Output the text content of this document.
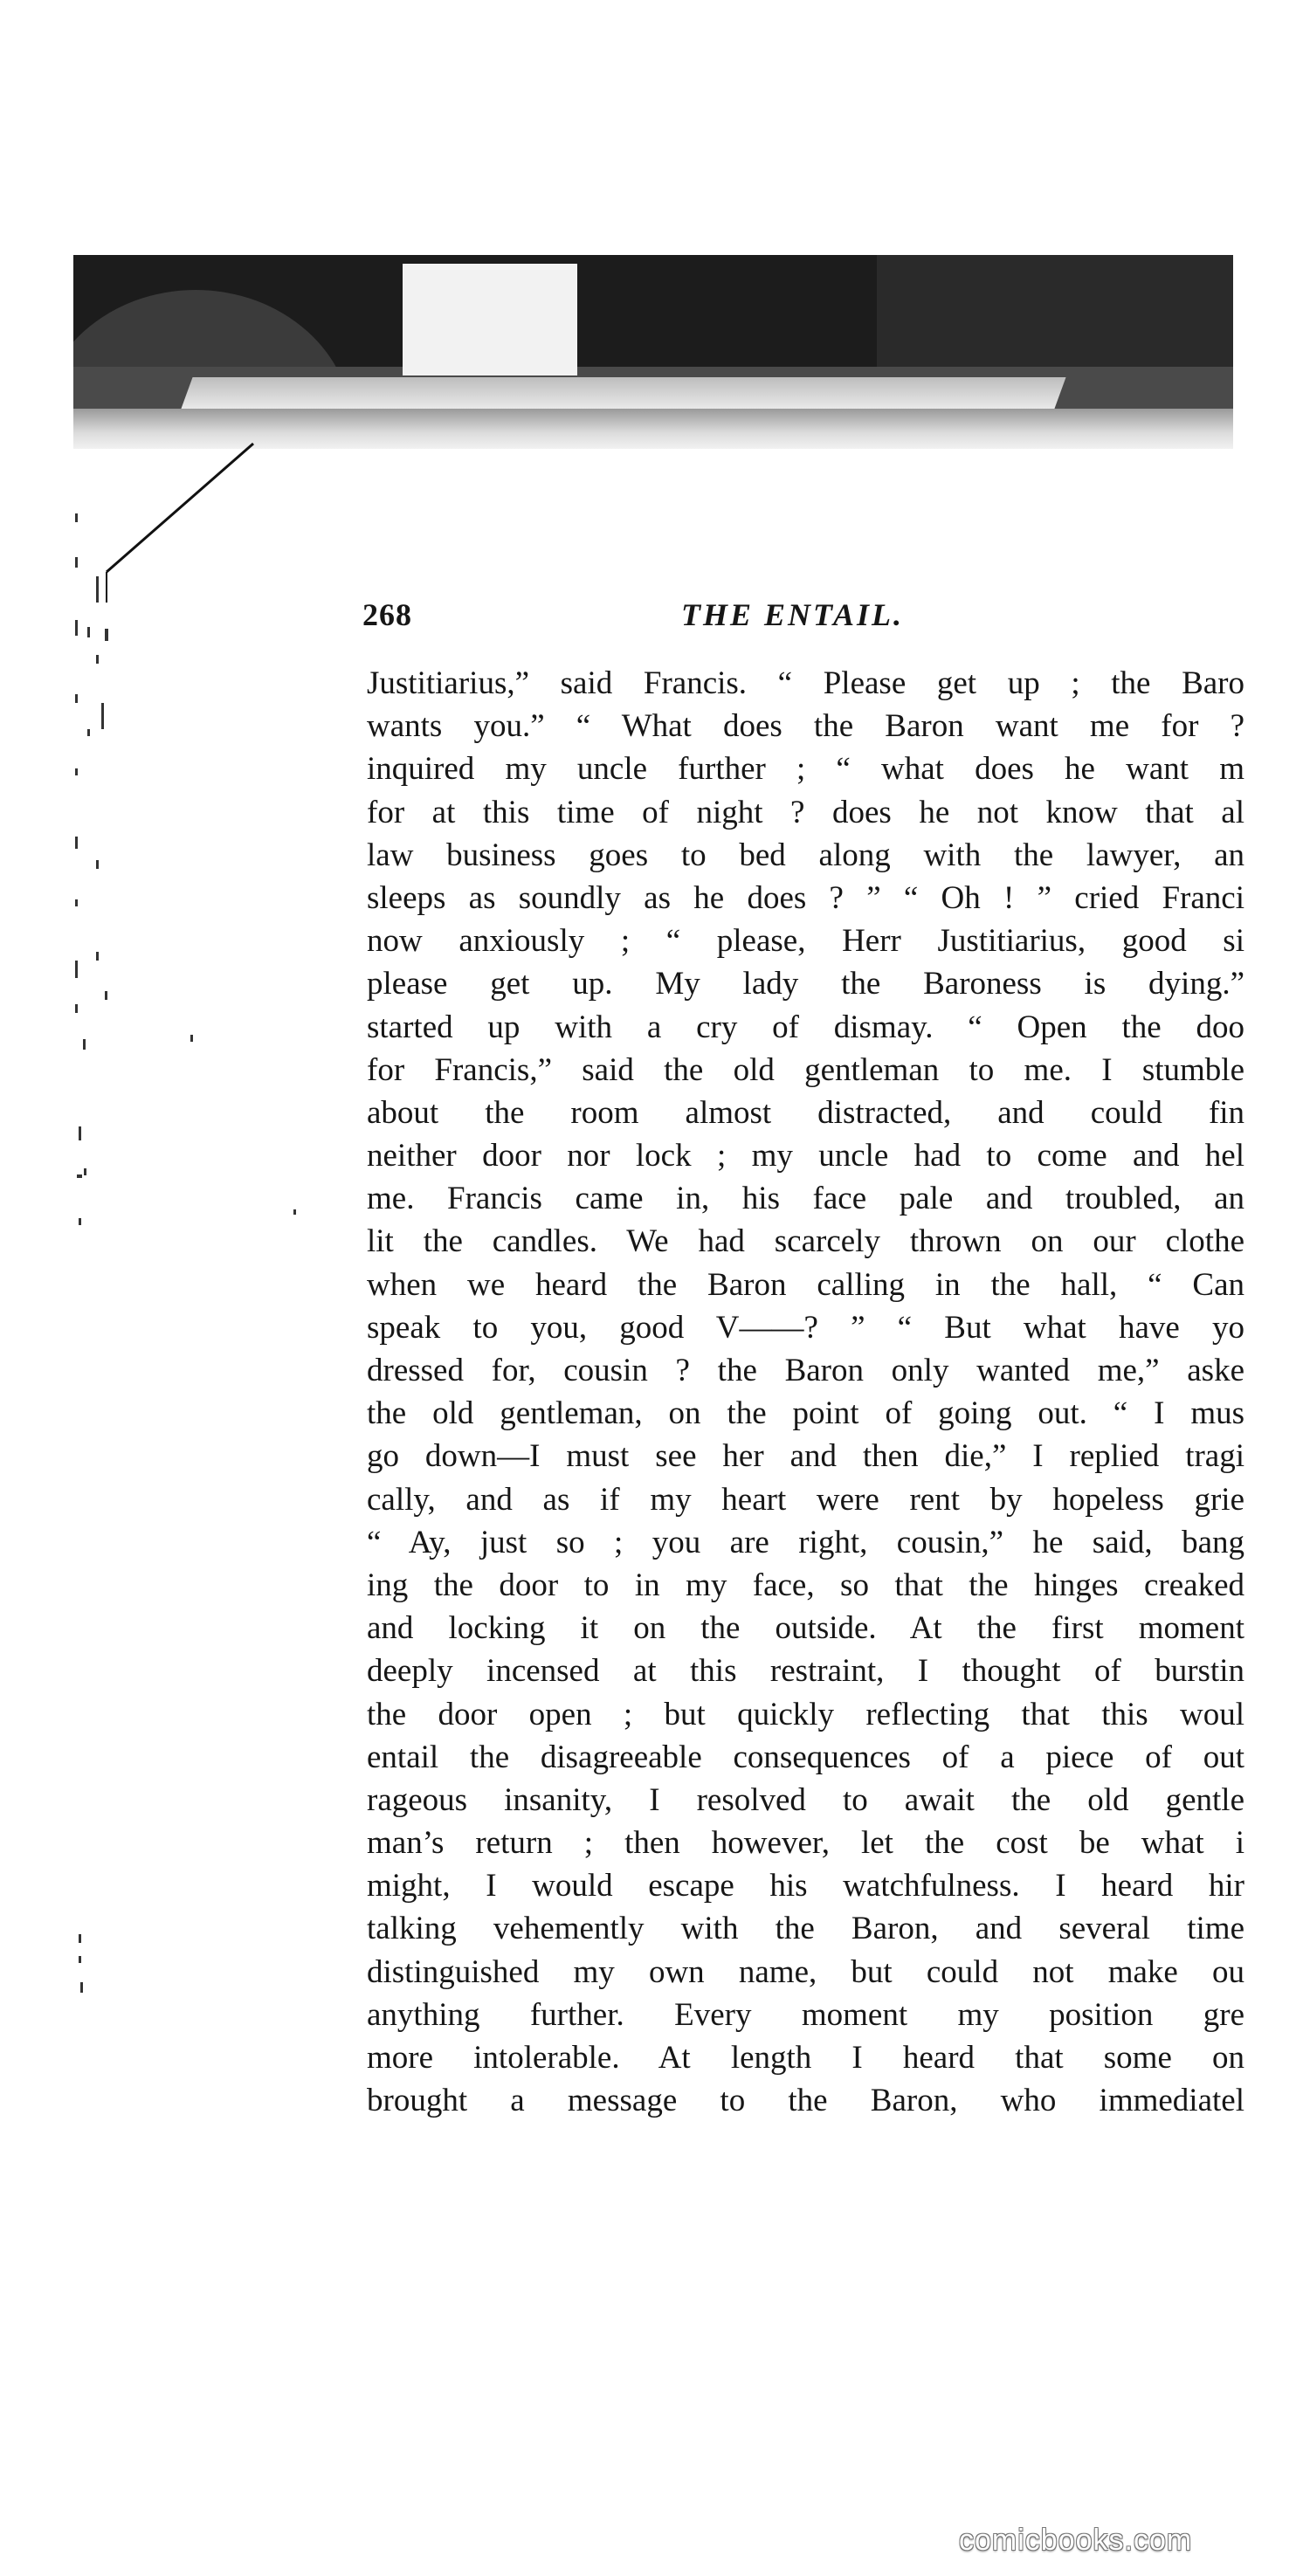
268	THE ENTAIL.
Justitiarius,” said Francis. “ Please get up ; the Baro
wants you.” “ What does the Baron want me for ?
inquired my uncle further ; “ what does he want m
for at this time of night ? does he not know that al
law business goes to bed along with the lawyer, an
sleeps as soundly as he does ? ” “ Oh ! ” cried Franci
now anxiously ; “ please, Herr Justitiarius, good si
please get up. My lady the Baroness is dying.”
started up with a cry of dismay. “ Open the doo
for Francis,” said the old gentleman to me. I stumble
about the room almost distracted, and could fin
neither door nor lock ; my uncle had to come and hel
me. Francis came in, his face pale and troubled, an
lit the candles. We had scarcely thrown on our clothe
when we heard the Baron calling in the hall, “ Can
speak to you, good V——? ” “ But what have yo
dressed for, cousin ? the Baron only wanted me,” aske
the old gentleman, on the point of going out. “ I mus
go down—I must see her and then die,” I replied tragi
cally, and as if my heart were rent by hopeless grie
“ Ay, just so ; you are right, cousin,” he said, bang
ing the door to in my face, so that the hinges creaked
and locking it on the outside. At the first moment
deeply incensed at this restraint, I thought of burstin
the door open ; but quickly reflecting that this woul
entail the disagreeable consequences of a piece of out
rageous insanity, I resolved to await the old gentle
man’s return ; then however, let the cost be what i
might, I would escape his watchfulness. I heard hir
talking vehemently with the Baron, and several time
distinguished my own name, but could not make ou
anything further. Every moment my position gre
more intolerable. At length I heard that some on
brought a message to the Baron, who immediatel
comicbooks.com
